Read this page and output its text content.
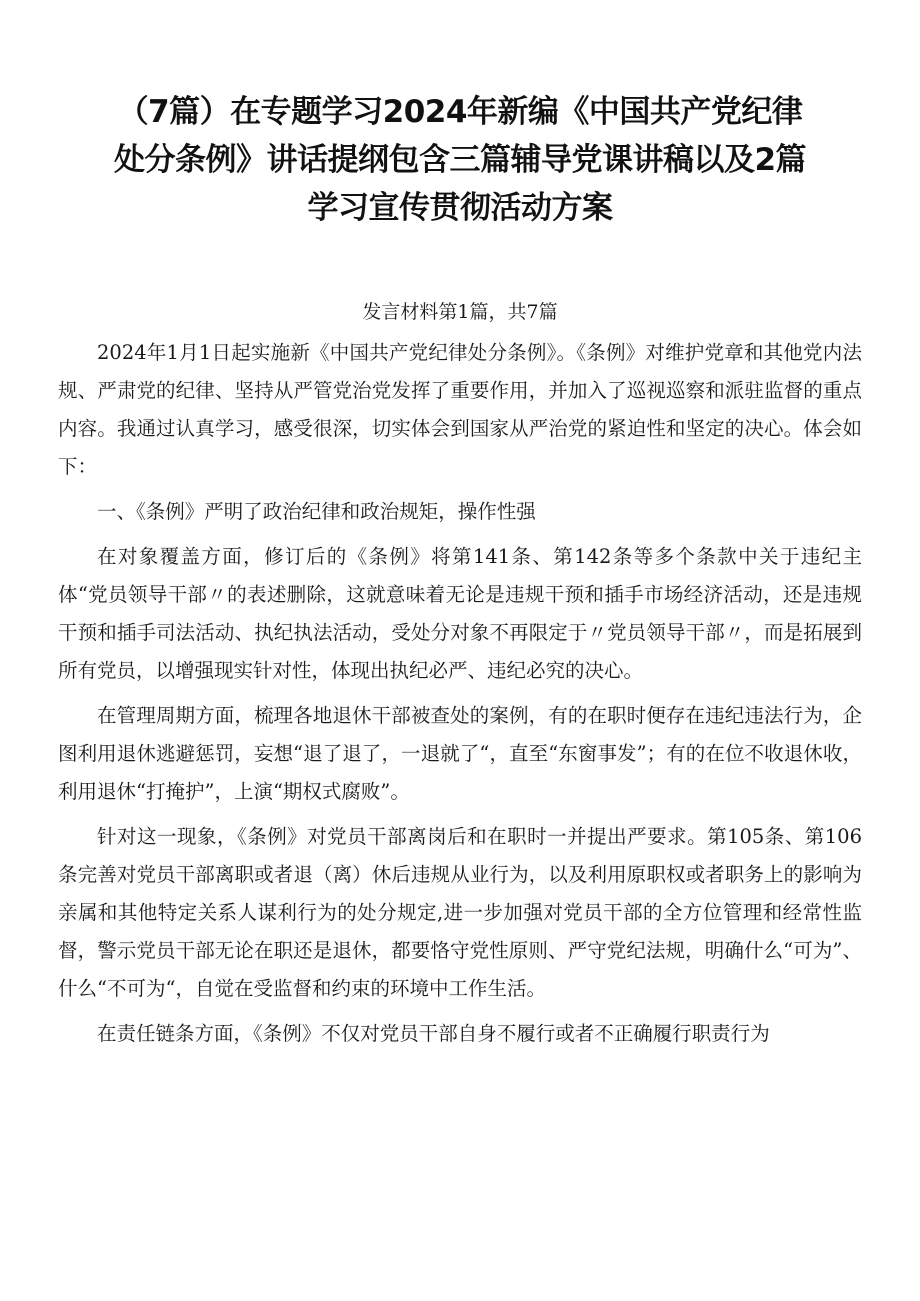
（7篇）在专题学习2024年新编《中国共产党纪律处分条例》讲话提纲包含三篇辅导党课讲稿以及2篇学习宣传贯彻活动方案
发言材料第1篇，共7篇

2024年1月1日起实施新《中国共产党纪律处分条例》。《条例》对维护党章和其他党内法规、严肃党的纪律、坚持从严管党治党发挥了重要作用，并加入了巡视巡察和派驻监督的重点内容。我通过认真学习，感受很深，切实体会到国家从严治党的紧迫性和坚定的决心。体会如下：

一、《条例》严明了政治纪律和政治规矩，操作性强

在对象覆盖方面，修订后的《条例》将第141条、第142条等多个条款中关于违纪主体“党员领导干部〃的表述删除，这就意味着无论是违规干预和插手市场经济活动，还是违规干预和插手司法活动、执纪执法活动，受处分对象不再限定于〃党员领导干部〃，而是拓展到所有党员，以增强现实针对性，体现出执纪必严、违纪必究的决心。

在管理周期方面，梳理各地退休干部被查处的案例，有的在职时便存在违纪违法行为，企图利用退休逃避惩罚，妄想“退了退了，一退就了“，直至“东窗事发”；有的在位不收退休收，利用退休“打掩护”，上演“期权式腐败”。

针对这一现象，《条例》对党员干部离岗后和在职时一并提出严要求。第105条、第106条完善对党员干部离职或者退（离）休后违规从业行为，以及利用原职权或者职务上的影响为亲属和其他特定关系人谋利行为的处分规定,进一步加强对党员干部的全方位管理和经常性监督，警示党员干部无论在职还是退休，都要恪守党性原则、严守党纪法规，明确什么“可为”、什么“不可为“，自觉在受监督和约束的环境中工作生活。

在责任链条方面，《条例》不仅对党员干部自身不履行或者不正确履行职责行为
